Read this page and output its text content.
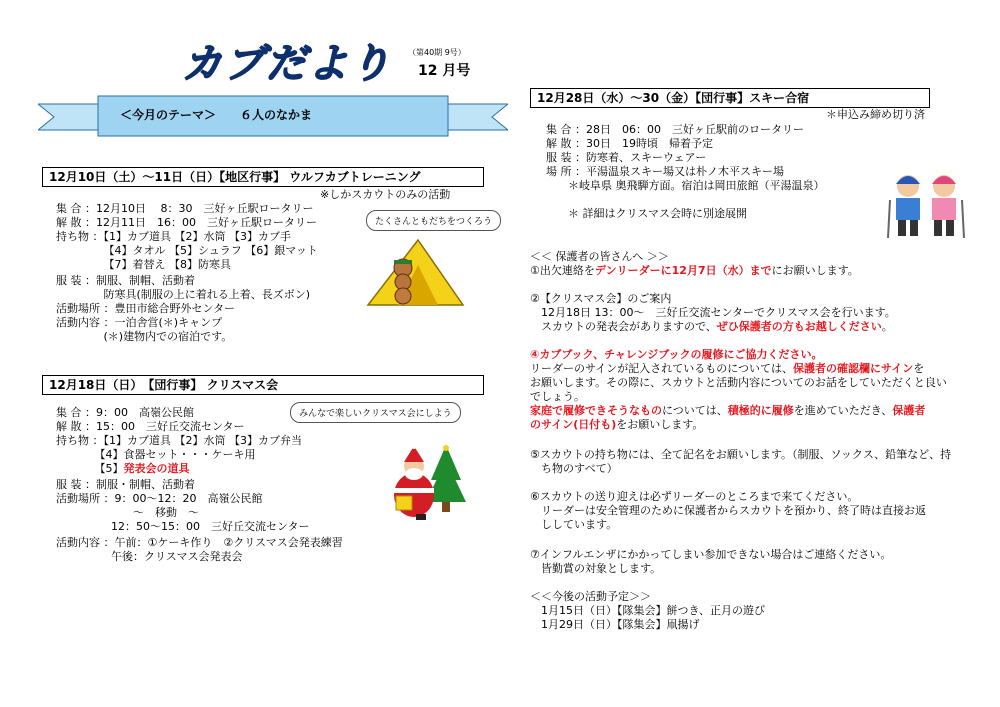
カブだより （第40期 9号）
12 月号
＜今月のテーマ＞　　６人のなかま
12月10日（土）～11日（日）【地区行事】 ウルフカブトレーニング
※しかスカウトのみの活動
集 合 ：12月10日　 8：30　三好ヶ丘駅ロータリー
解 散 ：12月11日　16：00　三好ヶ丘駅ロータリー
持ち物 ：【1】カブ道具 【2】水筒 【3】カブ手
　　　　 【4】タオル 【5】シュラフ 【6】銀マット
　　　　 【7】着替え 【8】防寒具
服 装 ：制服、制帽、活動着
　　　　 防寒具(制服の上に着れる上着、長ズボン)
活動場所 ：豊田市総合野外センター
活動内容 ：一泊舎営(＊)キャンプ
　　　　 (＊)建物内での宿泊です。
たくさんともだちをつくろう
12月18日（日）　【団行事】 クリスマス会
集 合 ：9：00　高嶺公民館
解 散 ：15：00　三好丘交流センター
持ち物 ：【1】カブ道具 【2】水筒 【3】カブ弁当
　　　　【4】食器セット・・・ケーキ用
　　　　【5】発表会の道具
服 装 ：制服・制帽、活動着
活動場所 ：9：00～12：20　高嶺公民館
　　　　　　　～　移動　～
　　　　　12：50～15：00　三好丘交流センター
活動内容 ：午前：①ケーキ作り　②クリスマス会発表練習
　　　　　午後：クリスマス会発表会
みんなで楽しいクリスマス会にしよう
12月28日（水）～30（金）【団行事】スキー合宿
＊申込み締め切り済
集 合 ：28日　06：00　三好ヶ丘駅前のロータリー
解 散 ：30日　19時頃　帰着予定
服 装 ：防寒着、スキーウェアー
場 所 ：平湯温泉スキー場又は朴ノ木平スキー場
　　＊岐阜県 奥飛騨方面。宿泊は岡田旅館（平湯温泉）
　　＊ 詳細はクリスマス会時に別途展開
＜＜ 保護者の皆さんへ ＞＞
①出欠連絡をデンリーダーに12月7日（水）までにお願いします。
②【クリスマス会】のご案内
　12月18日 13：00～　三好丘交流センターでクリスマス会を行います。
　スカウトの発表会がありますので、ぜひ保護者の方もお越しください。
④カブブック、チャレンジブックの履修にご協力ください。
リーダーのサインが記入されているものについては、保護者の確認欄にサインを
お願いします。その際に、スカウトと活動内容についてのお話をしていただくと良い
でしょう。
家庭で履修できそうなものについては、積極的に履修を進めていただき、保護者
のサイン(日付も)をお願いします。
⑤スカウトの持ち物には、全て記名をお願いします。（制服、ソックス、鉛筆など、持
　ち物のすべて）
⑥スカウトの送り迎えは必ずリーダーのところまで来てください。
　リーダーは安全管理のために保護者からスカウトを預かり、終了時は直接お返
　ししています。
⑦インフルエンザにかかってしまい参加できない場合はご連絡ください。
　皆勤賞の対象とします。
＜＜今後の活動予定＞＞
　1月15日（日）【隊集会】餅つき、正月の遊び
　1月29日（日）【隊集会】凧揚げ
